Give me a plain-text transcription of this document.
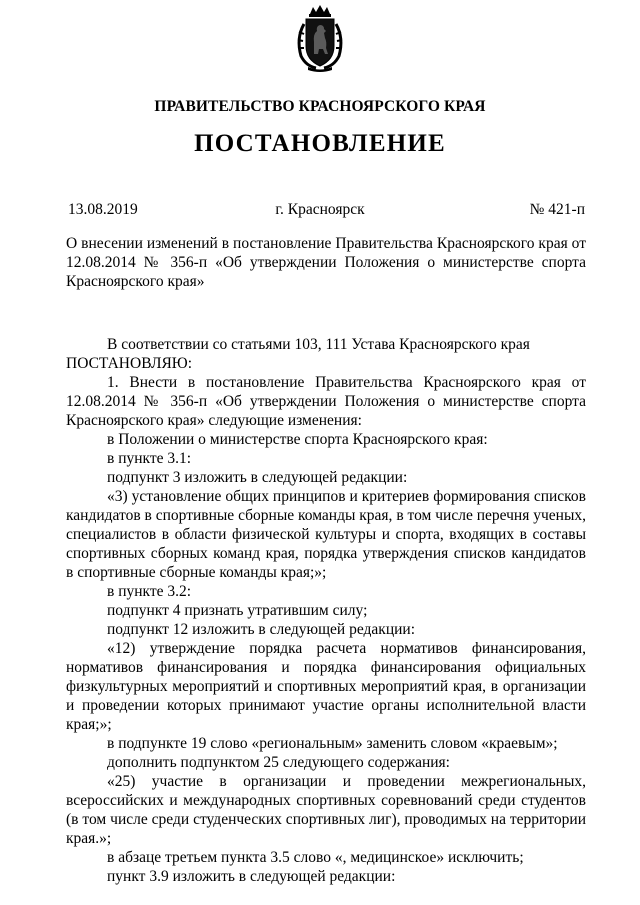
ПРАВИТЕЛЬСТВО КРАСНОЯРСКОГО КРАЯ
ПОСТАНОВЛЕНИЕ
г. Красноярск
13.08.2019	№ 421-п
О внесении изменений в постановление Правительства Красноярского края от 12.08.2014 № 356-п «Об утверждении Положения о министерстве спорта Красноярского края»

В соответствии со статьями 103, 111 Устава Красноярского края

ПОСТАНОВЛЯЮ:

1. Внести в постановление Правительства Красноярского края от 12.08.2014 № 356-п «Об утверждении Положения о министерстве спорта Красноярского края» следующие изменения:

в Положении о министерстве спорта Красноярского края:

в пункте 3.1:

подпункт 3 изложить в следующей редакции:

«3) установление общих принципов и критериев формирования списков кандидатов в спортивные сборные команды края, в том числе перечня ученых, специалистов в области физической культуры и спорта, входящих в составы спортивных сборных команд края, порядка утверждения списков кандидатов в спортивные сборные команды края;»;

в пункте 3.2:

подпункт 4 признать утратившим силу;

подпункт 12 изложить в следующей редакции:

«12) утверждение порядка расчета нормативов финансирования, нормативов финансирования и порядка финансирования официальных физкультурных мероприятий и спортивных мероприятий края, в организации и проведении которых принимают участие органы исполнительной власти края;»;

в подпункте 19 слово «региональным» заменить словом «краевым»;

дополнить подпунктом 25 следующего содержания:

«25) участие в организации и проведении межрегиональных, всероссийских и международных спортивных соревнований среди студентов (в том числе среди студенческих спортивных лиг), проводимых на территории края.»;

в абзаце третьем пункта 3.5 слово «, медицинское» исключить;

пункт 3.9 изложить в следующей редакции:
